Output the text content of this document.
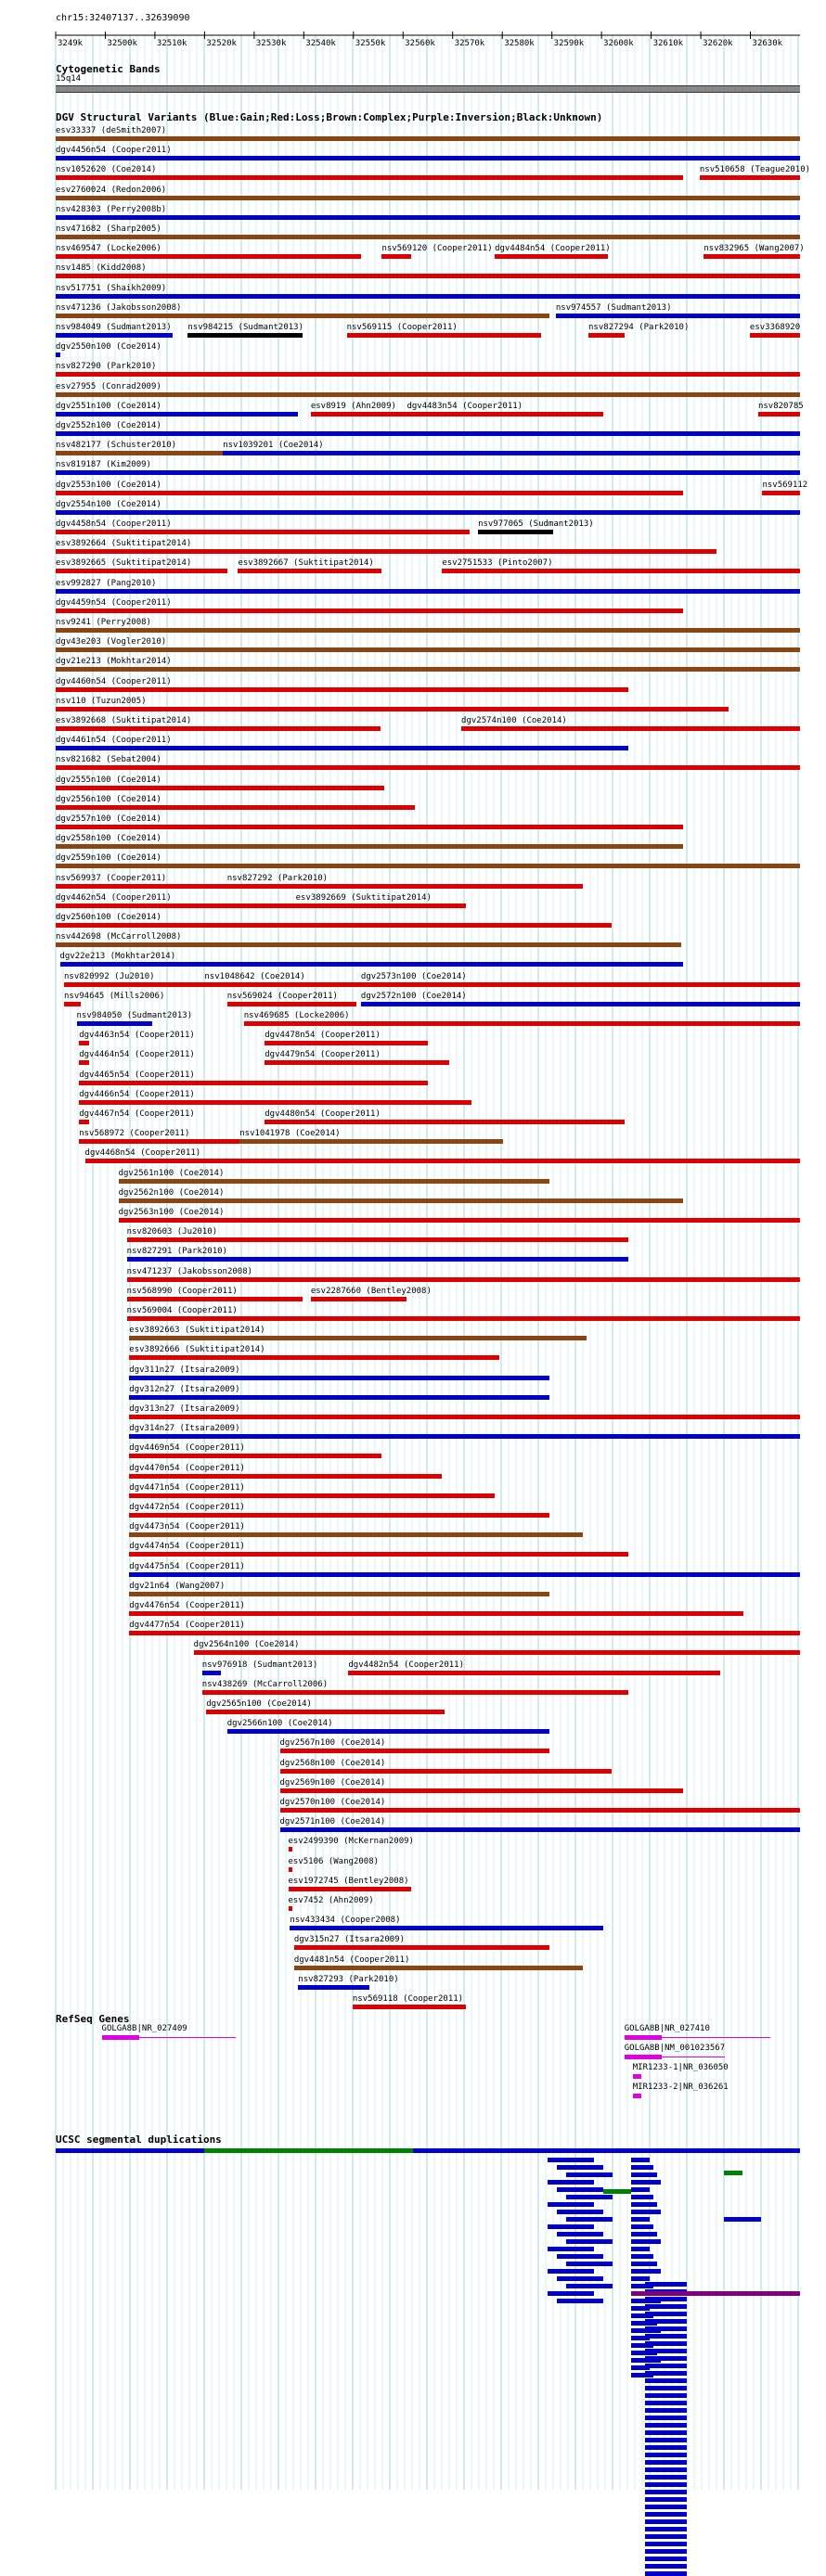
chr15:32407137..32639090
3249k	32500k 32510k 32520k 32530k 32540k 32550k 32560k 32570k 32580k 32590k 32600k 32610k 32620k 32630k
Cytogenetic Bands
15q14
DGV Structural Variants (Blue:Gain;Red:Loss;Brown:Complex;Purple:Inversion;Black:Unknown)
esv33337 (deSmith2007)
dgv4456n54 (Cooper2011)
nsv1052620 (Coe2014)	nsv510658 (Teague2010)
esv2760024 (Redon2006)
nsv428303 (Perry2008b)
nsv471682 (Sharp2005)
nsv469547 (Locke2006)	nsv569120 (Cooper2011) dgv4484n54 (Cooper2011)	nsv832965 (Wang2007)
nsv1485 (Kidd2008)
nsv517751 (Shaikh2009)
nsv471236 (Jakobsson2008)	nsv974557 (Sudmant2013)
nsv984049 (Sudmant2013) nsv984215 (Sudmant2013)	nsv569115 (Cooper2011)	nsv827294 (Park2010)	esv3368920
dgv2550n100 (Coe2014)
nsv827290 (Park2010)
esv27955 (Conrad2009)
dgv2551n100 (Coe2014)	esv8919 (Ahn2009) dgv4483n54 (Cooper2011)	nsv820785
dgv2552n100 (Coe2014)
nsv482177 (Schuster2010)	nsv1039201 (Coe2014)
nsv819187 (Kim2009)
dgv2553n100 (Coe2014)	nsv569112
dgv2554n100 (Coe2014)
dgv4458n54 (Cooper2011)	nsv977065 (Sudmant2013)
esv3892664 (Suktitipat2014)
esv3892665 (Suktitipat2014)	esv3892667 (Suktitipat2014)	esv2751533 (Pinto2007)
esv992827 (Pang2010)
dgv4459n54 (Cooper2011)
nsv9241 (Perry2008)
dgv43e203 (Vogler2010)
dgv21e213 (Mokhtar2014)
dgv4460n54 (Cooper2011)
nsv110 (Tuzun2005)
esv3892668 (Suktitipat2014)	dgv2574n100 (Coe2014)
dgv4461n54 (Cooper2011)
nsv821682 (Sebat2004)
dgv2555n100 (Coe2014)
dgv2556n100 (Coe2014)
dgv2557n100 (Coe2014)
dgv2558n100 (Coe2014)
dgv2559n100 (Coe2014)
nsv569937 (Cooper2011)	nsv827292 (Park2010)
dgv4462n54 (Cooper2011)	esv3892669 (Suktitipat2014)
dgv2560n100 (Coe2014)
nsv442698 (McCarroll2008)
dgv22e213 (Mokhtar2014)
nsv820992 (Ju2010)	nsv1048642 (Coe2014)	dgv2573n100 (Coe2014)
nsv94645 (Mills2006)	nsv569024 (Cooper2011)	dgv2572n100 (Coe2014)
nsv984050 (Sudmant2013)	nsv469685 (Locke2006)
dgv4463n54 (Cooper2011)	dgv4478n54 (Cooper2011)
dgv4464n54 (Cooper2011)	dgv4479n54 (Cooper2011)
dgv4465n54 (Cooper2011)
dgv4466n54 (Cooper2011)
dgv4467n54 (Cooper2011)	dgv4480n54 (Cooper2011)
nsv568972 (Cooper2011)	nsv1041978 (Coe2014)
dgv4468n54 (Cooper2011)
dgv2561n100 (Coe2014)
dgv2562n100 (Coe2014)
dgv2563n100 (Coe2014)
nsv820603 (Ju2010)
nsv827291 (Park2010)
nsv471237 (Jakobsson2008)
nsv568990 (Cooper2011)	esv2287660 (Bentley2008)
nsv569004 (Cooper2011)
esv3892663 (Suktitipat2014)
esv3892666 (Suktitipat2014)
dgv311n27 (Itsara2009)
dgv312n27 (Itsara2009)
dgv313n27 (Itsara2009)
dgv314n27 (Itsara2009)
dgv4469n54 (Cooper2011)
dgv4470n54 (Cooper2011)
dgv4471n54 (Cooper2011)
dgv4472n54 (Cooper2011)
dgv4473n54 (Cooper2011)
dgv4474n54 (Cooper2011)
dgv4475n54 (Cooper2011)
dgv21n64 (Wang2007)
dgv4476n54 (Cooper2011)
dgv4477n54 (Cooper2011)
dgv2564n100 (Coe2014)
nsv976918 (Sudmant2013)	dgv4482n54 (Cooper2011)
nsv438269 (McCarroll2006)
dgv2565n100 (Coe2014)
dgv2566n100 (Coe2014)
dgv2567n100 (Coe2014)
dgv2568n100 (Coe2014)
dgv2569n100 (Coe2014)
dgv2570n100 (Coe2014)
dgv2571n100 (Coe2014)
esv2499390 (McKernan2009)
esv5106 (Wang2008)
esv1972745 (Bentley2008)
esv7452 (Ahn2009)
nsv433434 (Cooper2008)
dgv315n27 (Itsara2009)
dgv4481n54 (Cooper2011)
nsv827293 (Park2010)
nsv569118 (Cooper2011)
RefSeq Genes
GOLGA8B|NR_027409	GOLGA8B|NR_027410
GOLGA8B|NM_001023567
MIR1233-1|NR_036050
MIR1233-2|NR_036261
UCSC segmental duplications
